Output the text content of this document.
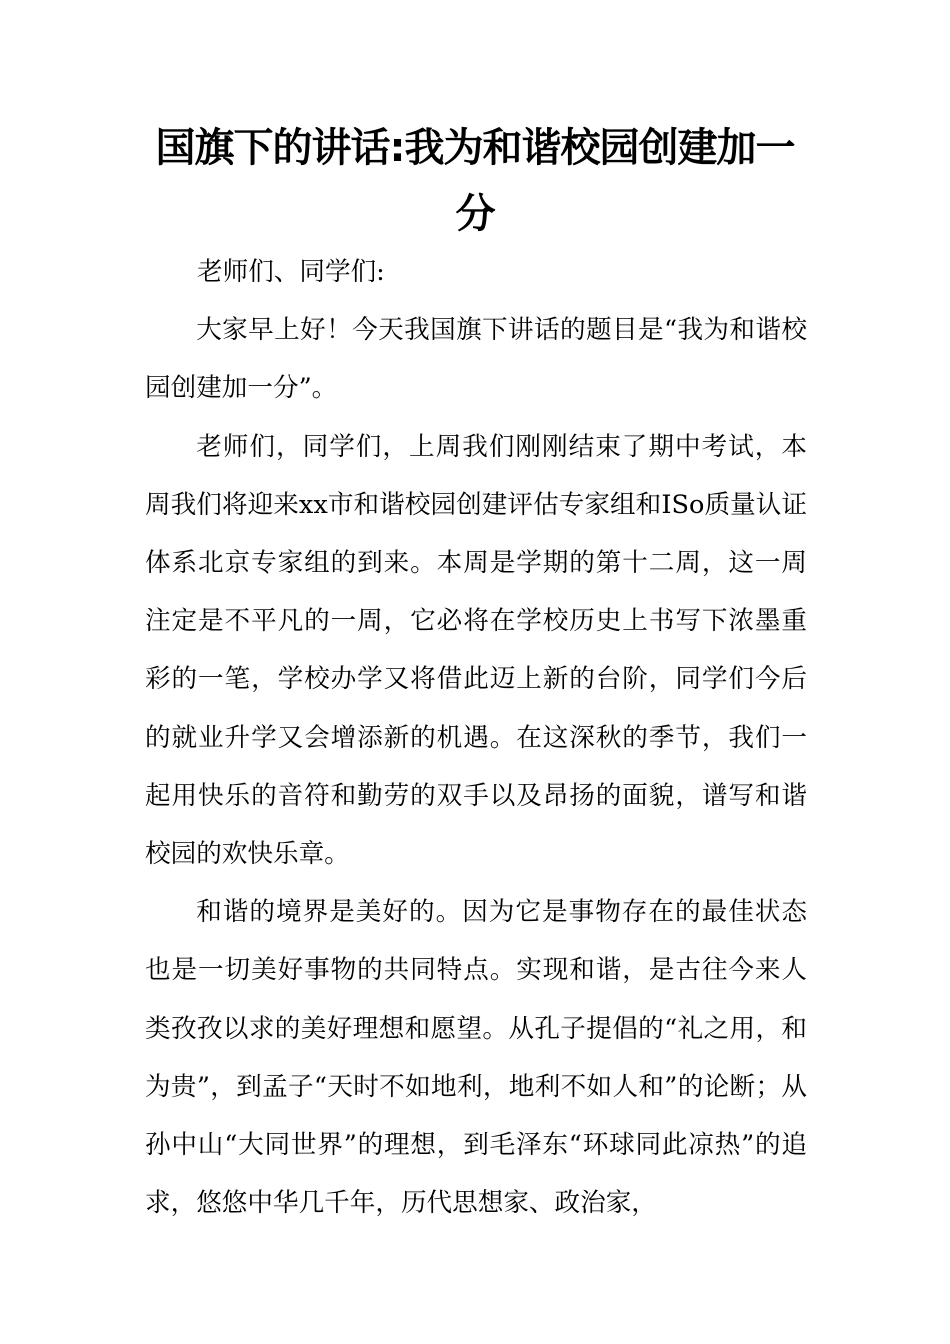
国旗下的讲话:我为和谐校园创建加一分
老师们、同学们:

大家早上好！今天我国旗下讲话的题目是“我为和谐校园创建加一分”。

老师们，同学们，上周我们刚刚结束了期中考试，本周我们将迎来xx市和谐校园创建评估专家组和ISo质量认证体系北京专家组的到来。本周是学期的第十二周，这一周注定是不平凡的一周，它必将在学校历史上书写下浓墨重彩的一笔，学校办学又将借此迈上新的台阶，同学们今后的就业升学又会增添新的机遇。在这深秋的季节，我们一起用快乐的音符和勤劳的双手以及昂扬的面貌，谱写和谐校园的欢快乐章。

和谐的境界是美好的。因为它是事物存在的最佳状态也是一切美好事物的共同特点。实现和谐，是古往今来人类孜孜以求的美好理想和愿望。从孔子提倡的“礼之用，和为贵”，到孟子“天时不如地利，地利不如人和”的论断；从孙中山“大同世界”的理想，到毛泽东“环球同此凉热”的追求，悠悠中华几千年，历代思想家、政治家，
